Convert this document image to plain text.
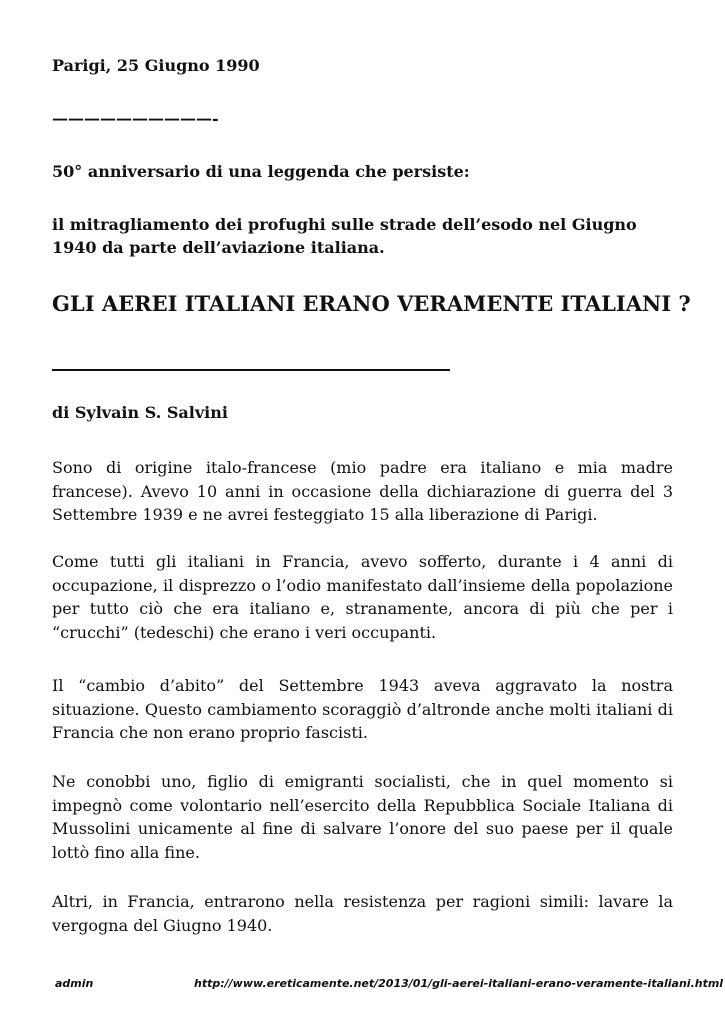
Parigi, 25 Giugno 1990
——————————-
50° anniversario di una leggenda che persiste:
il mitragliamento dei profughi sulle strade dell’esodo nel Giugno 1940 da parte dell’aviazione italiana.
GLI AEREI ITALIANI ERANO VERAMENTE ITALIANI ?
di Sylvain S. Salvini
Sono di origine italo-francese (mio padre era italiano e mia madre francese). Avevo 10 anni in occasione della dichiarazione di guerra del 3 Settembre 1939 e ne avrei festeggiato 15 alla liberazione di Parigi.
Come tutti gli italiani in Francia, avevo sofferto, durante i 4 anni di occupazione, il disprezzo o l’odio manifestato dall’insieme della popolazione per tutto ciò che era italiano e, stranamente, ancora di più che per i “crucchi” (tedeschi) che erano i veri occupanti.
Il “cambio d’abito” del Settembre 1943 aveva aggravato la nostra situazione. Questo cambiamento scoraggiò d’altronde anche molti italiani di Francia che non erano proprio fascisti.
Ne conobbi uno, figlio di emigranti socialisti, che in quel momento si impegnò come volontario nell’esercito della Repubblica Sociale Italiana di Mussolini unicamente al fine di salvare l’onore del suo paese per il quale lottò fino alla fine.
Altri, in Francia, entrarono nella resistenza per ragioni simili: lavare la vergogna del Giugno 1940.
admin	http://www.ereticamente.net/2013/01/gli-aerei-italiani-erano-veramente-italiani.html
